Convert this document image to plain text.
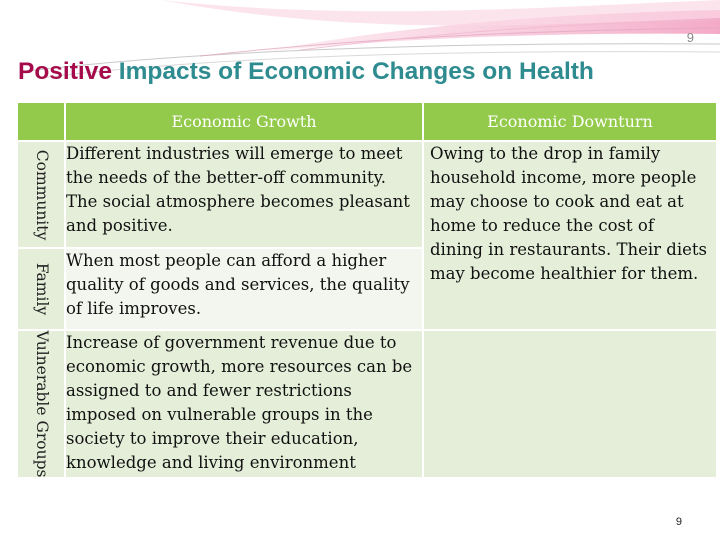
9
Positive Impacts of Economic Changes on Health
	Economic Growth	Economic Downturn

Community	Different industries will emerge to meet the needs of the better-off community. The social atmosphere becomes pleasant and positive.	Owing to the drop in family household income, more people may choose to cook and eat at home to reduce the cost of dining in restaurants. Their diets may become healthier for them.

Family	When most people can afford a higher quality of goods and services, the quality of life improves.	

Vulnerable Groups	Increase of government revenue due to economic growth, more resources can be assigned to and fewer restrictions imposed on vulnerable groups in the society to improve their education, knowledge and living environment	
9
